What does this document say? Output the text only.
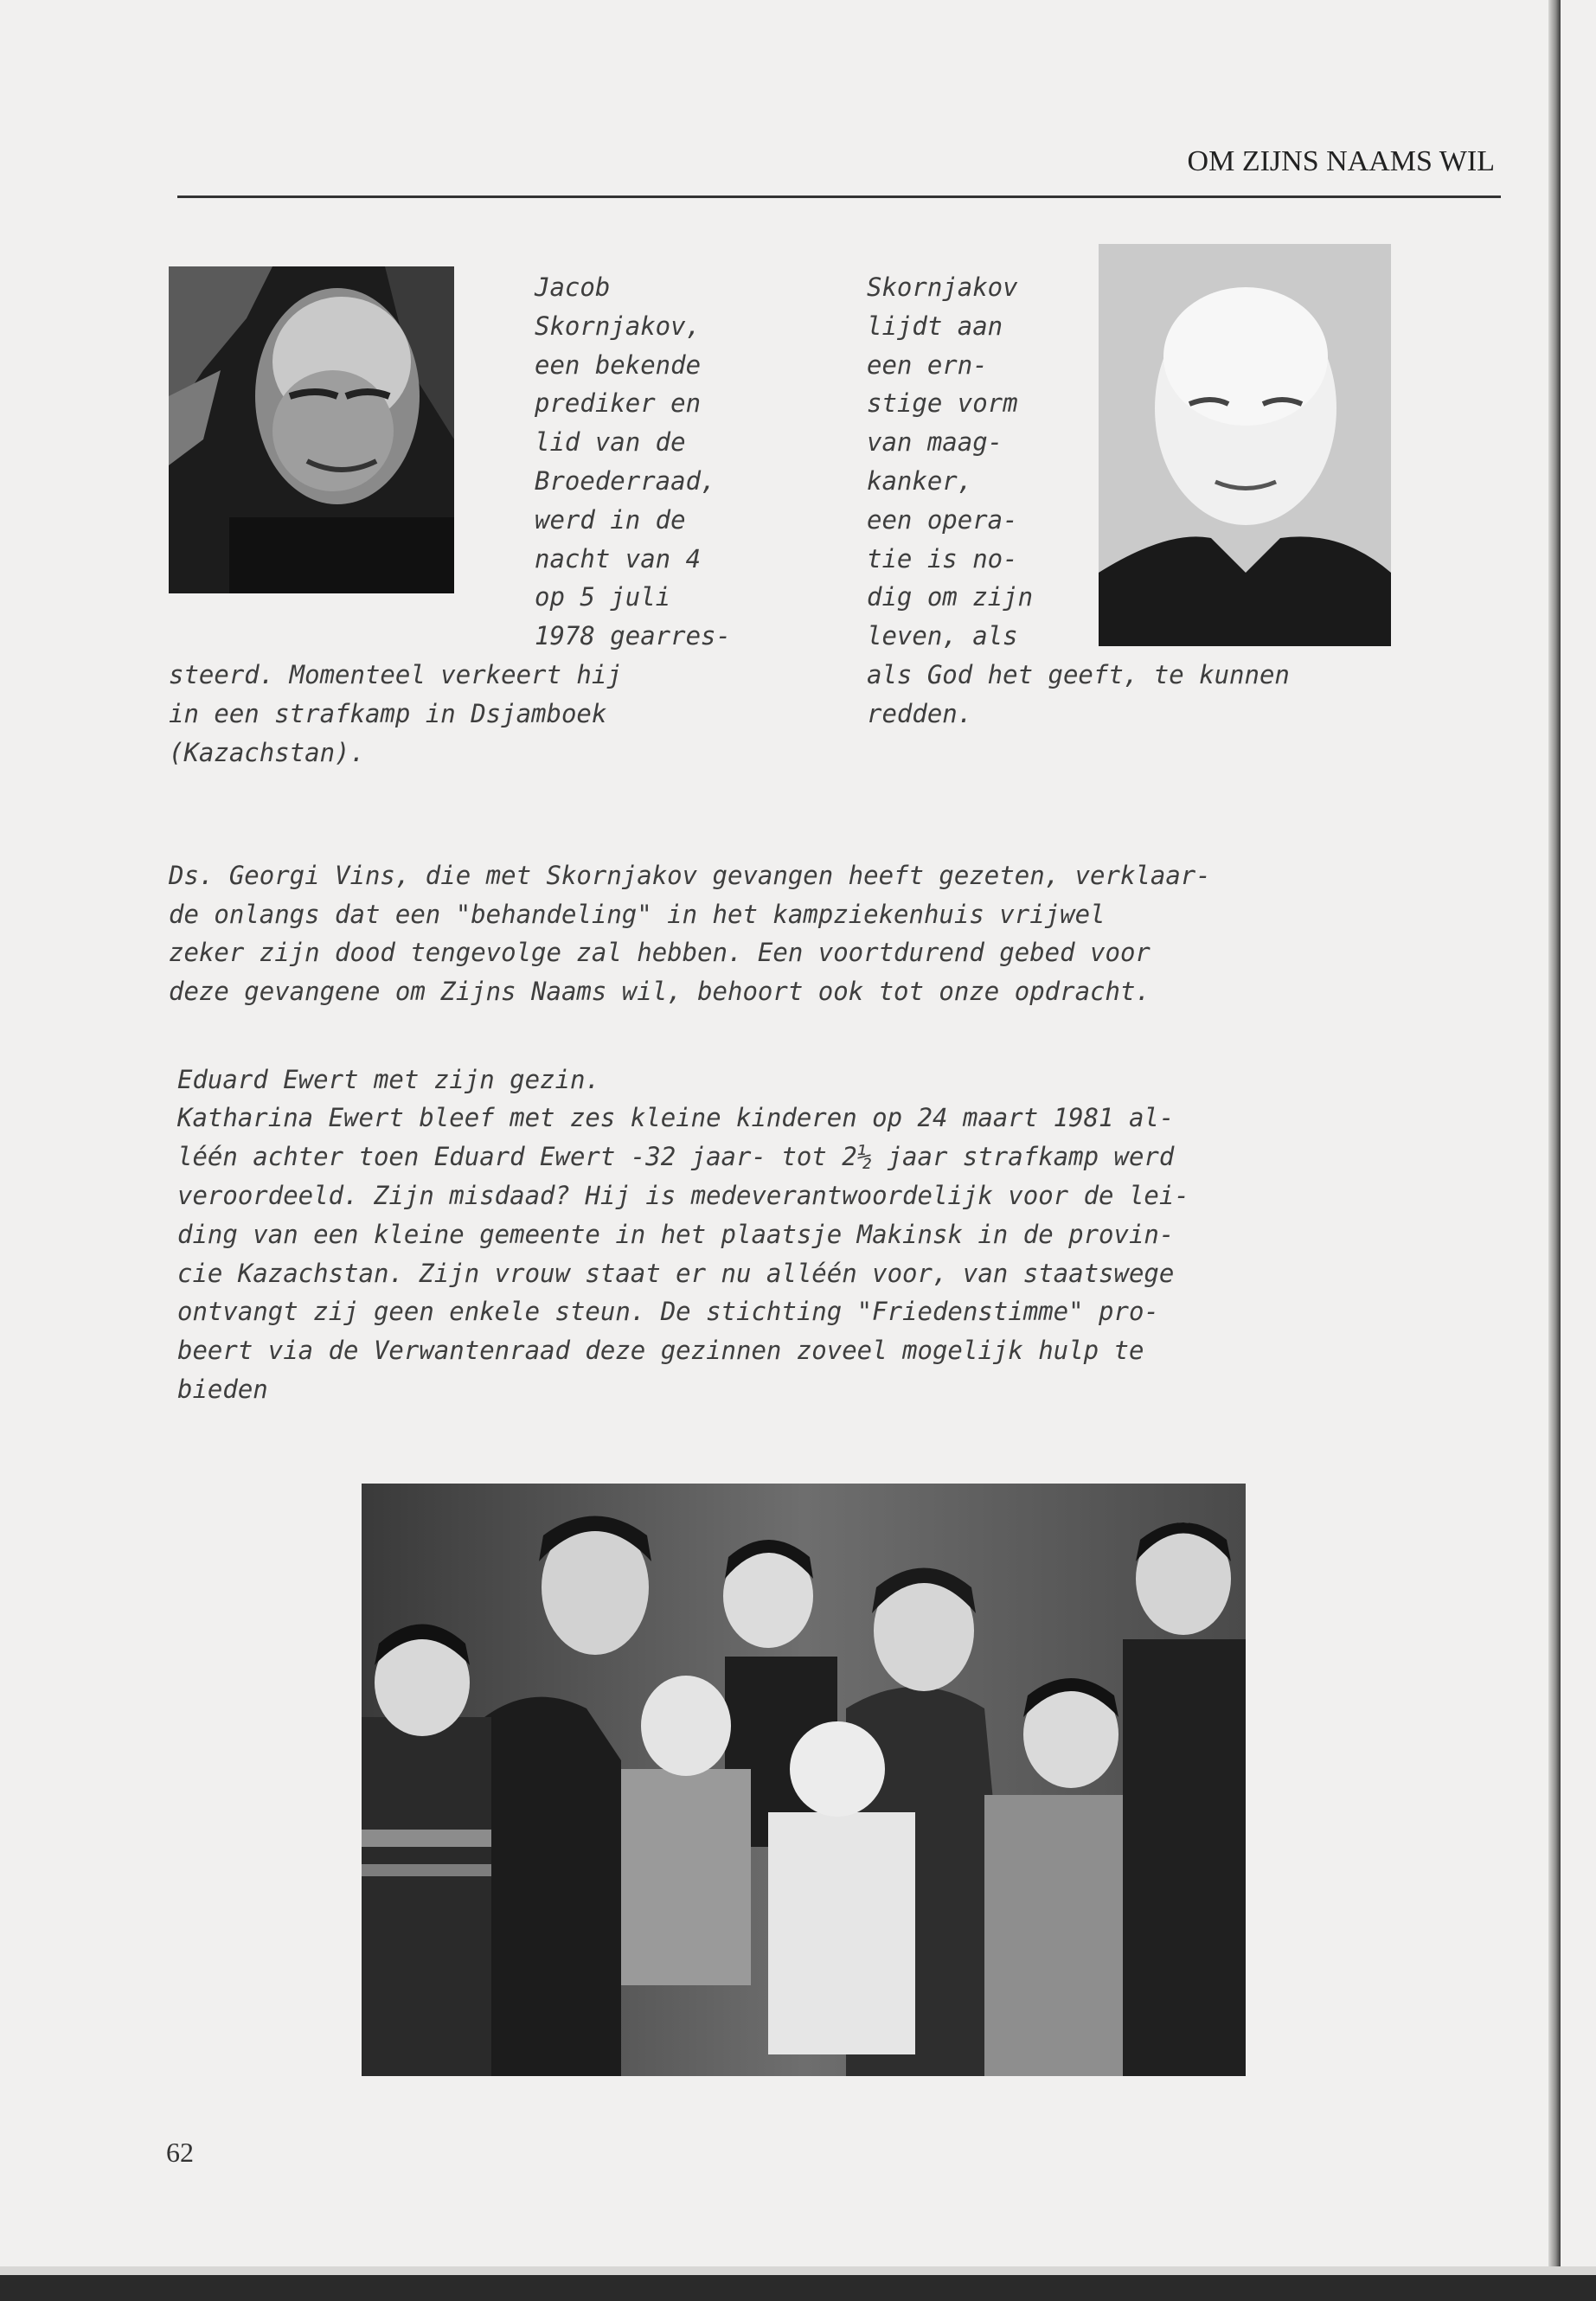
OM ZIJNS NAAMS WIL
Jacob
Skornjakov,
een bekende
prediker en
lid van de
Broederraad,
werd in de
nacht van 4
op 5 juli
1978 gearres-
steerd. Momenteel verkeert hij
in een strafkamp in Dsjamboek
(Kazachstan).
Skornjakov
lijdt aan
een ern-
stige vorm
van maag-
kanker,
een opera-
tie is no-
dig om zijn
leven, als
als God het geeft, te kunnen
redden.
Ds. Georgi Vins, die met Skornjakov gevangen heeft gezeten, verklaar-
de onlangs dat een "behandeling" in het kampziekenhuis vrijwel
zeker zijn dood tengevolge zal hebben. Een voortdurend gebed voor
deze gevangene om Zijns Naams wil, behoort ook tot onze opdracht.
Eduard Ewert met zijn gezin.
Katharina Ewert bleef met zes kleine kinderen op 24 maart 1981 al-
léén achter toen Eduard Ewert -32 jaar- tot 2½ jaar strafkamp werd
veroordeeld. Zijn misdaad? Hij is medeverantwoordelijk voor de lei-
ding van een kleine gemeente in het plaatsje Makinsk in de provin-
cie Kazachstan. Zijn vrouw staat er nu alléén voor, van staatswege
ontvangt zij geen enkele steun. De stichting "Friedenstimme" pro-
beert via de Verwantenraad deze gezinnen zoveel mogelijk hulp te
bieden
62
